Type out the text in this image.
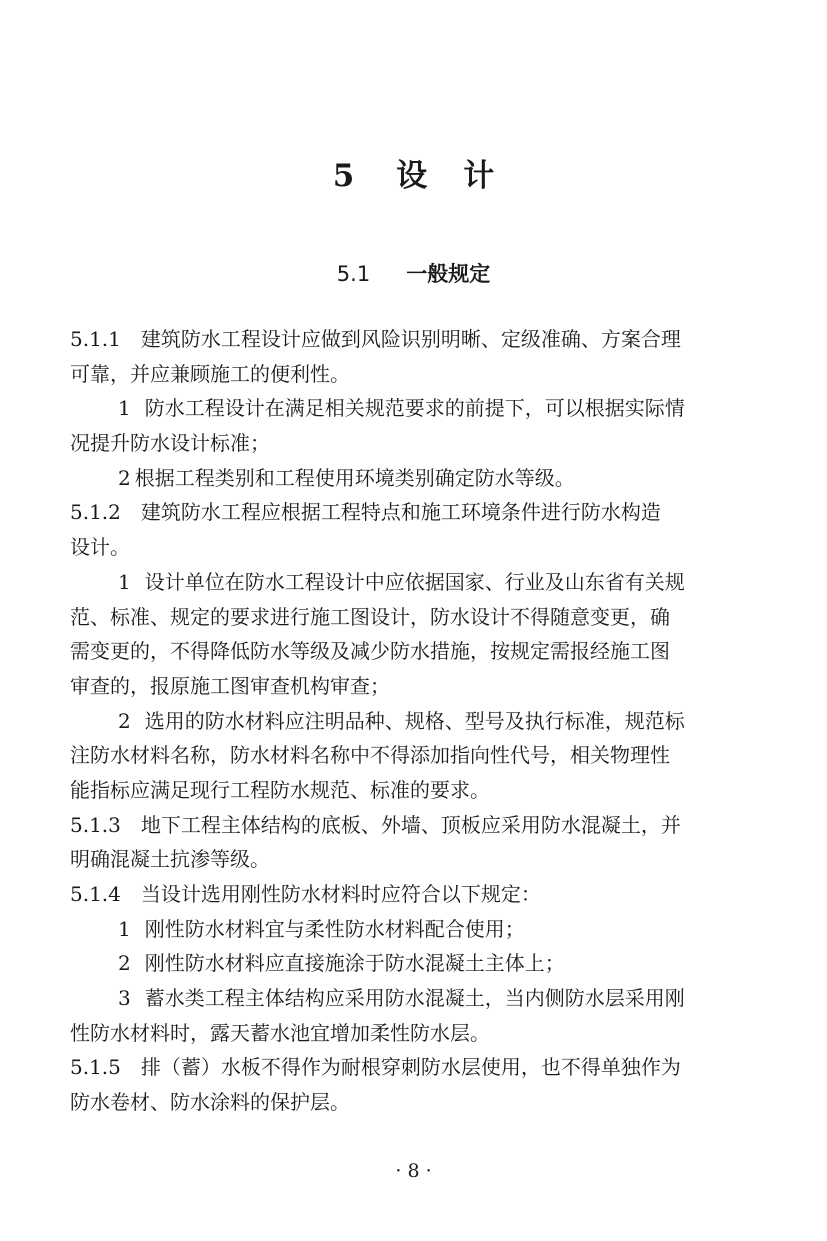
5 设 计
5.1 一般规定
5.1.1 建筑防水工程设计应做到风险识别明晰、定级准确、方案合理
可靠，并应兼顾施工的便利性。
1 防水工程设计在满足相关规范要求的前提下，可以根据实际情
况提升防水设计标准；
2 根据工程类别和工程使用环境类别确定防水等级。
5.1.2 建筑防水工程应根据工程特点和施工环境条件进行防水构造
设计。
1 设计单位在防水工程设计中应依据国家、行业及山东省有关规
范、标准、规定的要求进行施工图设计，防水设计不得随意变更，确
需变更的，不得降低防水等级及减少防水措施，按规定需报经施工图
审查的，报原施工图审查机构审查；
2 选用的防水材料应注明品种、规格、型号及执行标准，规范标
注防水材料名称，防水材料名称中不得添加指向性代号，相关物理性
能指标应满足现行工程防水规范、标准的要求。
5.1.3 地下工程主体结构的底板、外墙、顶板应采用防水混凝土，并
明确混凝土抗渗等级。
5.1.4 当设计选用刚性防水材料时应符合以下规定：
1 刚性防水材料宜与柔性防水材料配合使用；
2 刚性防水材料应直接施涂于防水混凝土主体上；
3 蓄水类工程主体结构应采用防水混凝土，当内侧防水层采用刚
性防水材料时，露天蓄水池宜增加柔性防水层。
5.1.5 排（蓄）水板不得作为耐根穿刺防水层使用，也不得单独作为
防水卷材、防水涂料的保护层。
· 8 ·
